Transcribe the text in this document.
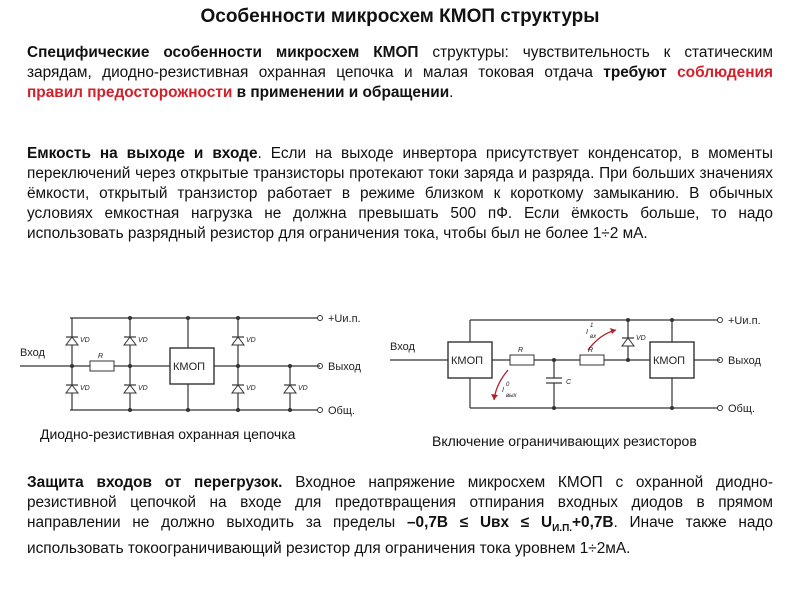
Особенности микросхем КМОП структуры
Специфические особенности микросхем КМОП структуры: чувствительность к статическим зарядам, диодно-резистивная охранная цепочка и малая токовая отдача требуют соблюдения правил предосторожности в применении и обращении.
Емкость на выходе и входе. Если на выходе инвертора присутствует конденсатор, в моменты переключений через открытые транзисторы протекают токи заряда и разряда. При больших значениях ёмкости, открытый транзистор работает в режиме близком к короткому замыканию. В обычных условиях емкостная нагрузка не должна превышать 500 пФ. Если ёмкость больше, то надо использовать разрядный резистор для ограничения тока, чтобы был не более 1÷2 мА.
Вход
+Uи.п.
Выход
Общ.
КМОП
R
VD
VD
VD
VD
VD
VD	VD
Диодно-резистивная охранная цепочка
Вход
+Uи.п.
Выход
Общ.
КМОП	КМОП
R	R
C
VD
I
1
вх
I
0
вых
Включение ограничивающих резисторов
Защита входов от перегрузок. Входное напряжение микросхем КМОП с охранной диодно-резистивной цепочкой на входе для предотвращения отпирания входных диодов в прямом направлении не должно выходить за пределы –0,7В ≤ Uвх ≤ $U_{И.П.}+0,7В$. Иначе также надо использовать токоограничивающий резистор для ограничения тока уровнем 1÷2мА.
